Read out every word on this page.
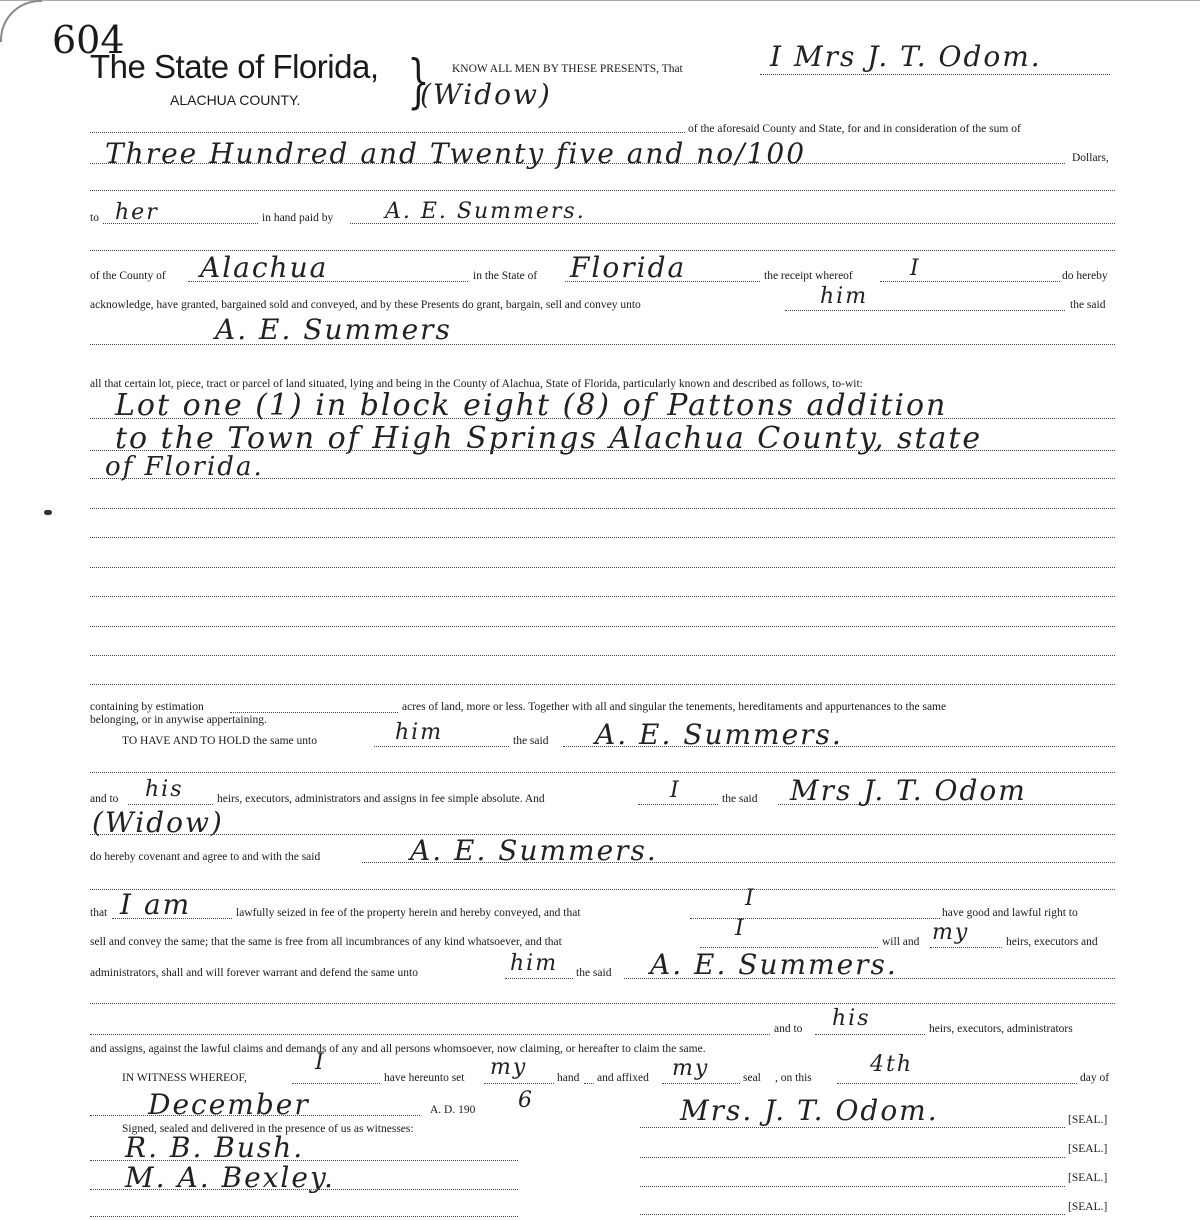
604
The State of Florida,
ALACHUA COUNTY. } KNOW ALL MEN BY THESE PRESENTS, That	I Mrs J. T. Odom.
(Widow)
of the aforesaid County and State, for and in consideration of the sum of
Three Hundred and Twenty five and no/100	Dollars,
to her	in hand paid by A. E. Summers.
of the County of Alachua	in the State of Florida	the receipt whereof	I	do hereby
acknowledge, have granted, bargained sold and conveyed, and by these Presents do grant, bargain, sell and convey unto	him	the said
A. E. Summers
all that certain lot, piece, tract or parcel of land situated, lying and being in the County of Alachua, State of Florida, particularly known and described as follows, to-wit:
Lot one (1) in block eight (8) of Pattons addition
to the Town of High Springs Alachua County, state
of Florida.
containing by estimation	acres of land, more or less. Together with all and singular the tenements, hereditaments and appurtenances to the same
belonging, or in anywise appertaining.
TO HAVE AND TO HOLD the same unto	him	the said A. E. Summers.
and to his	heirs, executors, administrators and assigns in fee simple absolute. And	I	the said Mrs J. T. Odom
(Widow)
do hereby covenant and agree to and with the said	A. E. Summers.
that I am	lawfully seized in fee of the property herein and hereby conveyed, and that
I
have good and lawful right to
sell and convey the same; that the same is free from all incumbrances of any kind whatsoever, and that
I
will and my	heirs, executors and
administrators, shall and will forever warrant and defend the same unto	him the said A. E. Summers.
and to his	heirs, executors, administrators
and assigns, against the lawful claims and demands of any and all persons whomsoever, now claiming, or hereafter to claim the same.
IN WITNESS WHEREOF,
I
have hereunto set my	hand and affixed my	seal , on this
4th
day of
December	A. D. 190 6	Mrs. J. T. Odom.	[SEAL.]
Signed, sealed and delivered in the presence of us as witnesses:
R. B. Bush.	[SEAL.]
M. A. Bexley.	[SEAL.]
[SEAL.]
